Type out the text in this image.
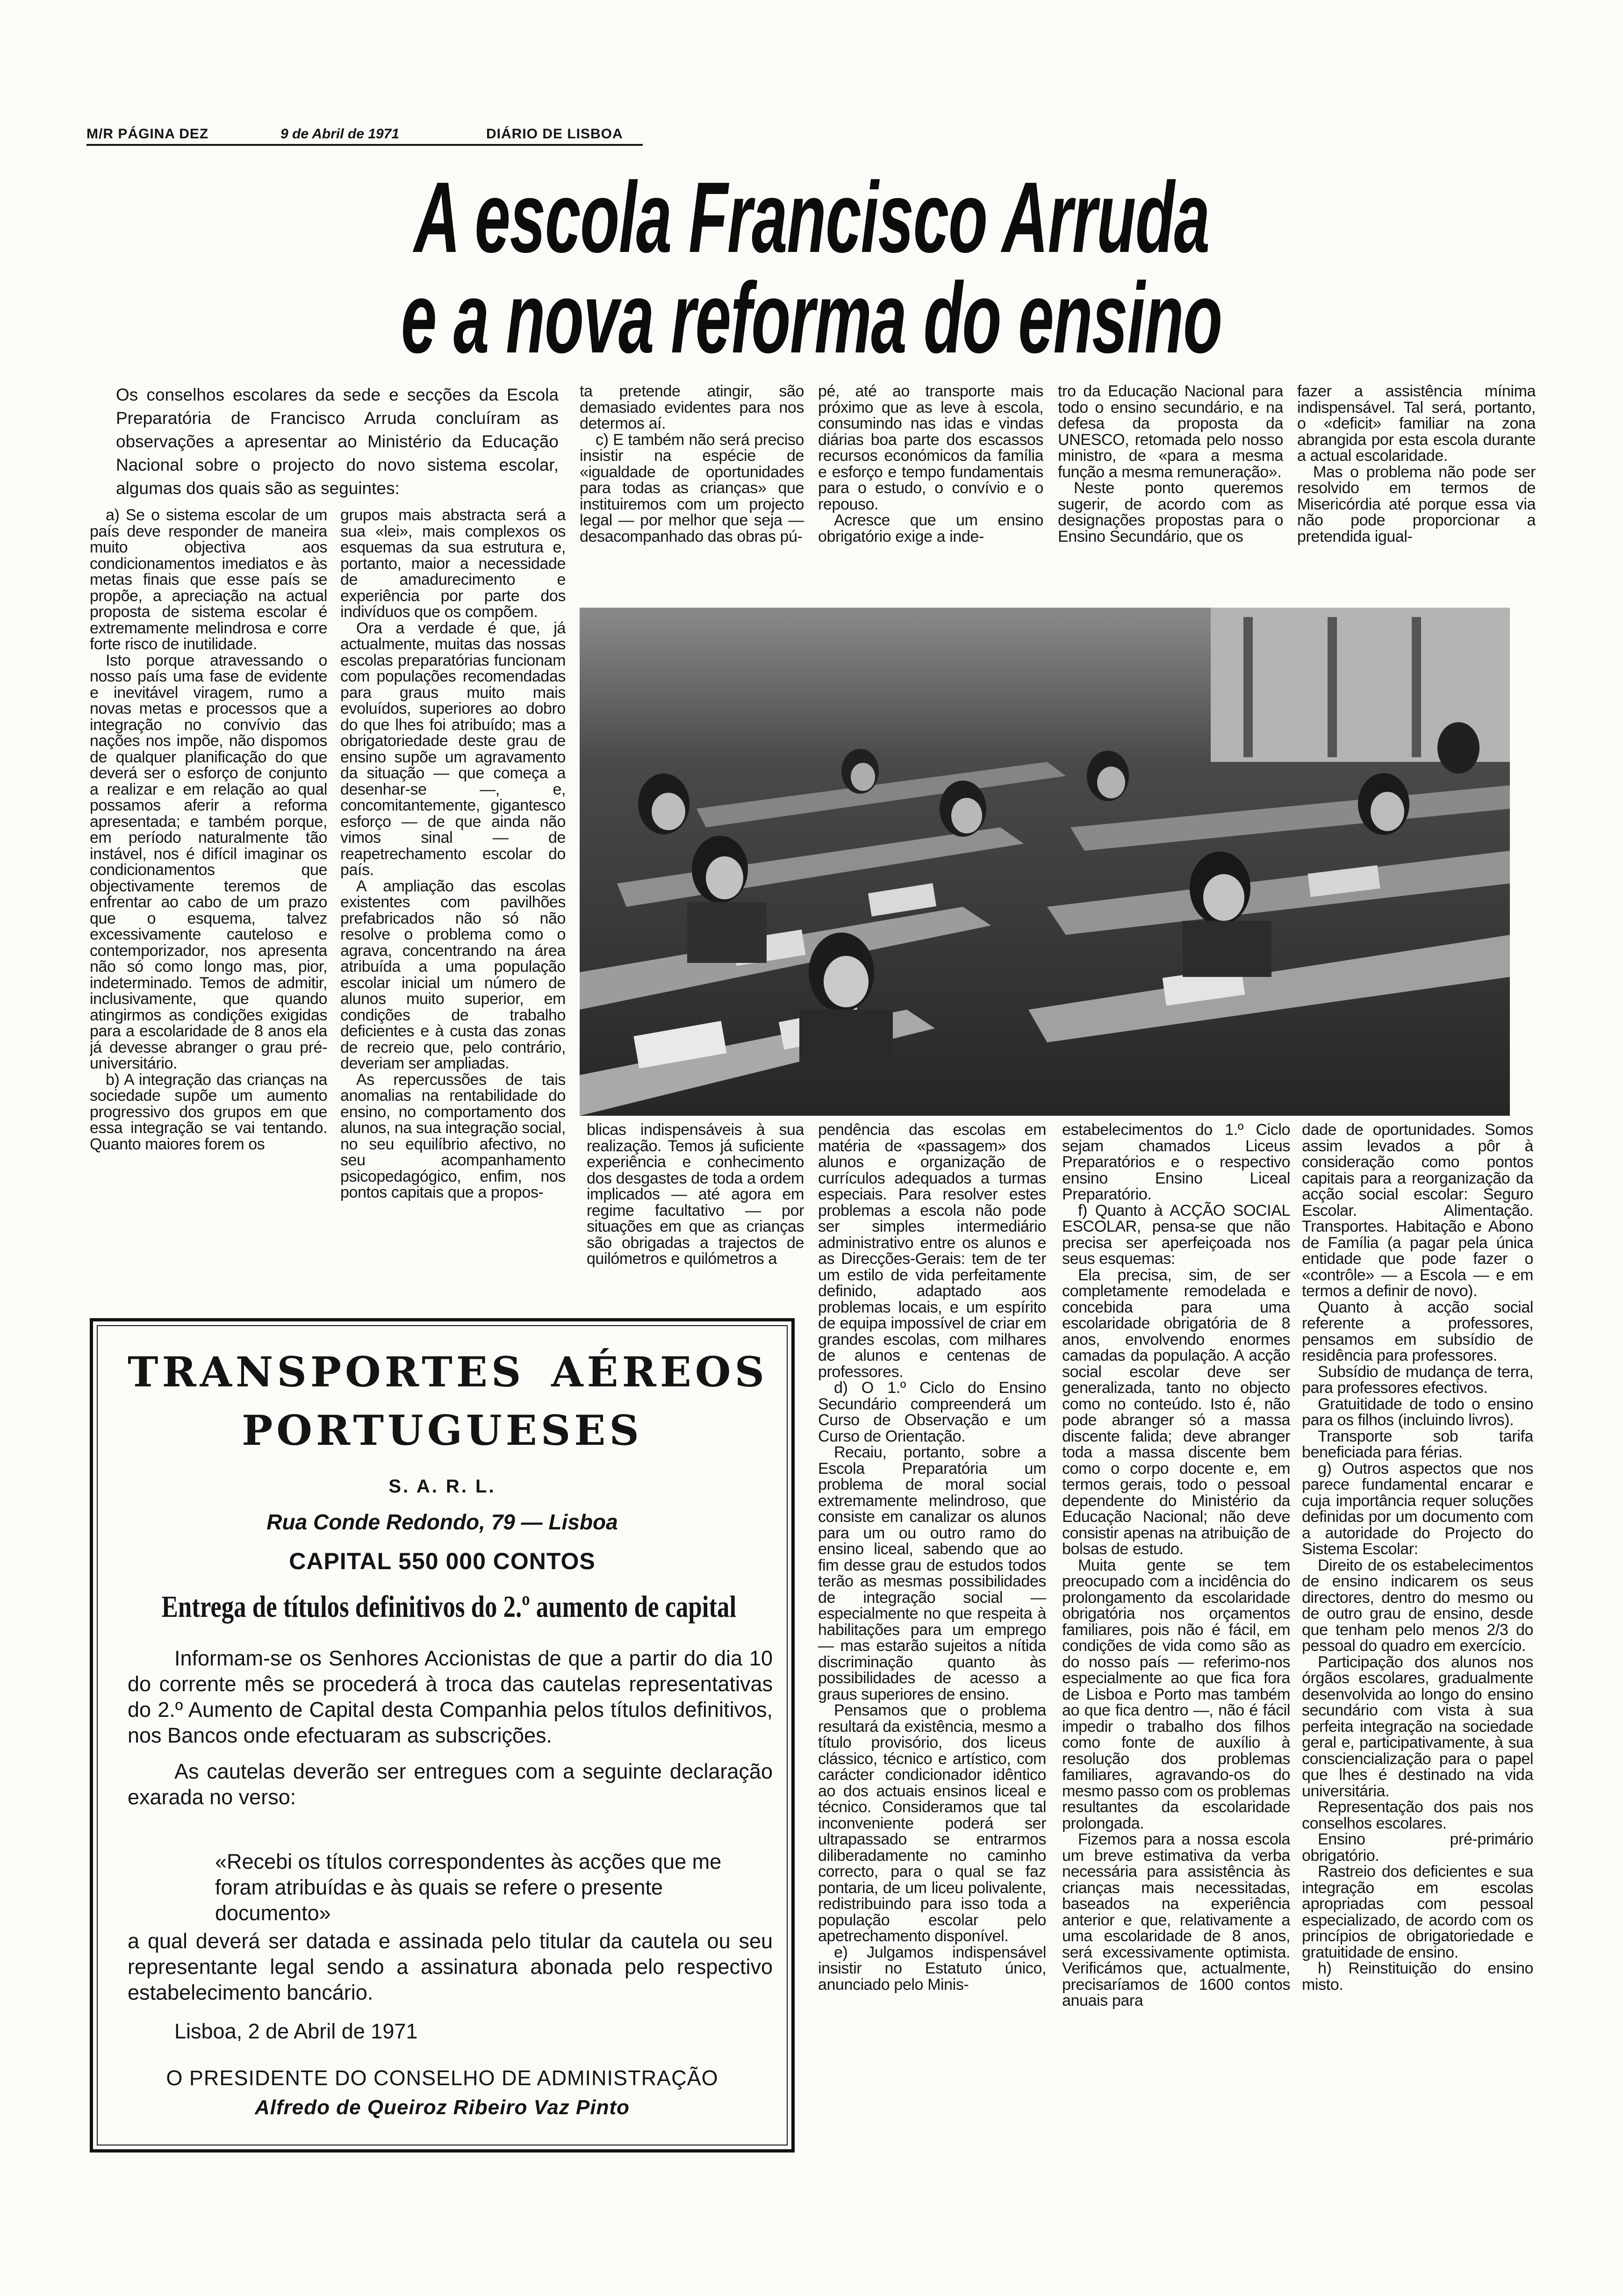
M/R PÁGINA DEZ	9 de Abril de 1971	DIÁRIO DE LISBOA
A escola Francisco Arruda
e a nova reforma do ensino

Os conselhos escolares da sede e secções da Escola Preparatória de Francisco Arruda concluíram as observações a apresentar ao Ministério da Educação Nacional sobre o projecto do novo sistema escolar, algumas dos quais são as seguintes:

ta pretende atingir, são demasiado evidentes para nos determos aí.

c) E também não será preciso insistir na espécie de «igualdade de oportunidades para todas as crianças» que instituiremos com um projecto legal — por melhor que seja — desacompanhado das obras pú-

pé, até ao transporte mais próximo que as leve à escola, consumindo nas idas e vindas diárias boa parte dos escassos recursos económicos da família e esforço e tempo fundamentais para o estudo, o convívio e o repouso.

Acresce que um ensino obrigatório exige a inde-

tro da Educação Nacional para todo o ensino secundário, e na defesa da proposta da UNESCO, retomada pelo nosso ministro, de «para a mesma função a mesma remuneração».

Neste ponto queremos sugerir, de acordo com as designações propostas para o Ensino Secundário, que os

fazer a assistência mínima indispensável. Tal será, portanto, o «deficit» familiar na zona abrangida por esta escola durante a actual escolaridade.

Mas o problema não pode ser resolvido em termos de Misericórdia até porque essa via não pode proporcionar a pretendida igual-

a) Se o sistema escolar de um país deve responder de maneira muito objectiva aos condicionamentos imediatos e às metas finais que esse país se propõe, a apreciação na actual proposta de sistema escolar é extremamente melindrosa e corre forte risco de inutilidade.

Isto porque atravessando o nosso país uma fase de evidente e inevitável viragem, rumo a novas metas e processos que a integração no convívio das nações nos impõe, não dispomos de qualquer planificação do que deverá ser o esforço de conjunto a realizar e em relação ao qual possamos aferir a reforma apresentada; e também porque, em período naturalmente tão instável, nos é difícil imaginar os condicionamentos que objectivamente teremos de enfrentar ao cabo de um prazo que o esquema, talvez excessivamente cauteloso e contemporizador, nos apresenta não só como longo mas, pior, indeterminado. Temos de admitir, inclusivamente, que quando atingirmos as condições exigidas para a escolaridade de 8 anos ela já devesse abranger o grau pré-universitário.

b) A integração das crianças na sociedade supõe um aumento progressivo dos grupos em que essa integração se vai tentando. Quanto maiores forem os

grupos mais abstracta será a sua «lei», mais complexos os esquemas da sua estrutura e, portanto, maior a necessidade de amadurecimento e experiência por parte dos indivíduos que os compõem.

Ora a verdade é que, já actualmente, muitas das nossas escolas preparatórias funcionam com populações recomendadas para graus muito mais evoluídos, superiores ao dobro do que lhes foi atribuído; mas a obrigatoriedade deste grau de ensino supõe um agravamento da situação — que começa a desenhar-se —, e, concomitantemente, gigantesco esforço — de que ainda não vimos sinal — de reapetrechamento escolar do país.

A ampliação das escolas existentes com pavilhões prefabricados não só não resolve o problema como o agrava, concentrando na área atribuída a uma população escolar inicial um número de alunos muito superior, em condições de trabalho deficientes e à custa das zonas de recreio que, pelo contrário, deveriam ser ampliadas.

As repercussões de tais anomalias na rentabilidade do ensino, no comportamento dos alunos, na sua integração social, no seu equilíbrio afectivo, no seu acompanhamento psicopedagógico, enfim, nos pontos capitais que a propos-

blicas indispensáveis à sua realização. Temos já suficiente experiência e conhecimento dos desgastes de toda a ordem implicados — até agora em regime facultativo — por situações em que as crianças são obrigadas a trajectos de quilómetros e quilómetros a

pendência das escolas em matéria de «passagem» dos alunos e organização de currículos adequados a turmas especiais. Para resolver estes problemas a escola não pode ser simples intermediário administrativo entre os alunos e as Direcções-Gerais: tem de ter um estilo de vida perfeitamente definido, adaptado aos problemas locais, e um espírito de equipa impossível de criar em grandes escolas, com milhares de alunos e centenas de professores.

d) O 1.º Ciclo do Ensino Secundário compreenderá um Curso de Observação e um Curso de Orientação.

Recaiu, portanto, sobre a Escola Preparatória um problema de moral social extremamente melindroso, que consiste em canalizar os alunos para um ou outro ramo do ensino liceal, sabendo que ao fim desse grau de estudos todos terão as mesmas possibilidades de integração social — especialmente no que respeita à habilitações para um emprego — mas estarão sujeitos a nítida discriminação quanto às possibilidades de acesso a graus superiores de ensino.

Pensamos que o problema resultará da existência, mesmo a título provisório, dos liceus clássico, técnico e artístico, com carácter condicionador idêntico ao dos actuais ensinos liceal e técnico. Consideramos que tal inconveniente poderá ser ultrapassado se entrarmos diliberadamente no caminho correcto, para o qual se faz pontaria, de um liceu polivalente, redistribuindo para isso toda a população escolar pelo apetrechamento disponível.

e) Julgamos indispensável insistir no Estatuto único, anunciado pelo Minis-

estabelecimentos do 1.º Ciclo sejam chamados Liceus Preparatórios e o respectivo ensino Ensino Liceal Preparatório.

f) Quanto à ACÇÃO SOCIAL ESCOLAR, pensa-se que não precisa ser aperfeiçoada nos seus esquemas:

Ela precisa, sim, de ser completamente remodelada e concebida para uma escolaridade obrigatória de 8 anos, envolvendo enormes camadas da população. A acção social escolar deve ser generalizada, tanto no objecto como no conteúdo. Isto é, não pode abranger só a massa discente falida; deve abranger toda a massa discente bem como o corpo docente e, em termos gerais, todo o pessoal dependente do Ministério da Educação Nacional; não deve consistir apenas na atribuição de bolsas de estudo.

Muita gente se tem preocupado com a incidência do prolongamento da escolaridade obrigatória nos orçamentos familiares, pois não é fácil, em condições de vida como são as do nosso país — referimo-nos especialmente ao que fica fora de Lisboa e Porto mas também ao que fica dentro —, não é fácil impedir o trabalho dos filhos como fonte de auxílio à resolução dos problemas familiares, agravando-os do mesmo passo com os problemas resultantes da escolaridade prolongada.

Fizemos para a nossa escola um breve estimativa da verba necessária para assistência às crianças mais necessitadas, baseados na experiência anterior e que, relativamente a uma escolaridade de 8 anos, será excessivamente optimista. Verificámos que, actualmente, precisaríamos de 1600 contos anuais para

dade de oportunidades. Somos assim levados a pôr à consideração como pontos capitais para a reorganização da acção social escolar: Seguro Escolar. Alimentação. Transportes. Habitação e Abono de Família (a pagar pela única entidade que pode fazer o «contrôle» — a Escola — e em termos a definir de novo).

Quanto à acção social referente a professores, pensamos em subsídio de residência para professores.

Subsídio de mudança de terra, para professores efectivos.

Gratuitidade de todo o ensino para os filhos (incluindo livros).

Transporte sob tarifa beneficiada para férias.

g) Outros aspectos que nos parece fundamental encarar e cuja importância requer soluções definidas por um documento com a autoridade do Projecto do Sistema Escolar:

Direito de os estabelecimentos de ensino indicarem os seus directores, dentro do mesmo ou de outro grau de ensino, desde que tenham pelo menos 2/3 do pessoal do quadro em exercício.

Participação dos alunos nos órgãos escolares, gradualmente desenvolvida ao longo do ensino secundário com vista à sua perfeita integração na sociedade geral e, participativamente, à sua consciencialização para o papel que lhes é destinado na vida universitária.

Representação dos pais nos conselhos escolares.

Ensino pré-primário obrigatório.

Rastreio dos deficientes e sua integração em escolas apropriadas com pessoal especializado, de acordo com os princípios de obrigatoriedade e gratuitidade de ensino.

h) Reinstituição do ensino misto.

TRANSPORTES AÉREOS
PORTUGUESES
S. A. R. L.
Rua Conde Redondo, 79 — Lisboa
CAPITAL 550 000 CONTOS
Entrega de títulos definitivos do 2.º aumento de capital

Informam-se os Senhores Accionistas de que a partir do dia 10 do corrente mês se procederá à troca das cautelas representativas do 2.º Aumento de Capital desta Companhia pelos títulos definitivos, nos Bancos onde efectuaram as subscrições.

As cautelas deverão ser entregues com a seguinte declaração exarada no verso:

«Recebi os títulos correspondentes às acções que me foram atribuídas e às quais se refere o presente documento»

a qual deverá ser datada e assinada pelo titular da cautela ou seu representante legal sendo a assinatura abonada pelo respectivo estabelecimento bancário.

Lisboa, 2 de Abril de 1971

O PRESIDENTE DO CONSELHO DE ADMINISTRAÇÃO
Alfredo de Queiroz Ribeiro Vaz Pinto
